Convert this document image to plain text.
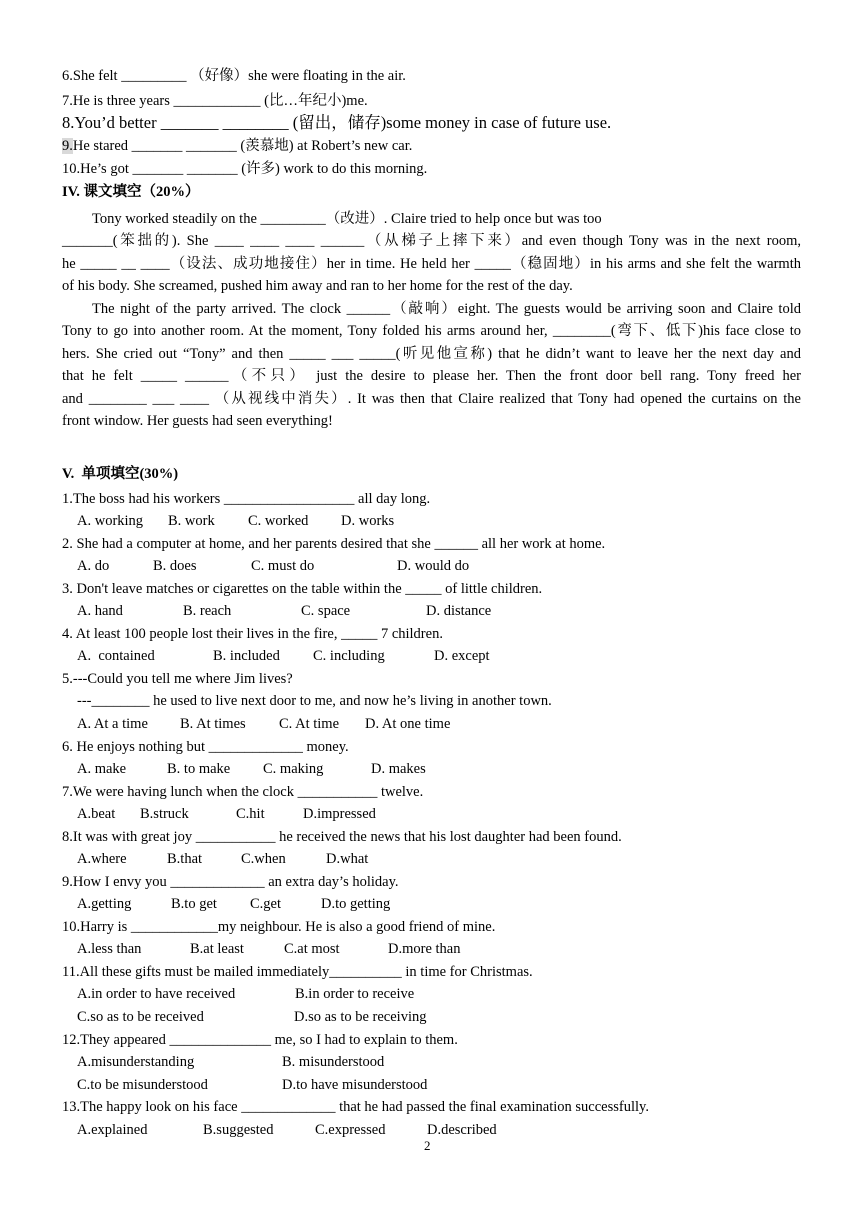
6.She felt _________ （好像）she were floating in the air.
7.He is three years ____________ (比…年纪小)me.
8.You’d better _______ ________ (留出，储存)some money in case of future use.
9.He stared _______ _______ (羡慕地) at Robert’s new car.
10.He’s got _______ _______ (许多) work to do this morning.
IV. 课文填空（20%）
Tony worked steadily on the _________（改进）. Claire tried to help once but was too
_______(笨拙的). She ____ ____ ____ ______（从梯子上摔下来）and even though Tony was in the next room,
he _____ __ ____（设法、成功地接住）her in time. He held her _____（稳固地）in his arms and she felt the warmth
of his body. She screamed, pushed him away and ran to her home for the rest of the day.
The night of the party arrived. The clock ______（敲响）eight. The guests would be arriving soon and Claire told
Tony to go into another room. At the moment, Tony folded his arms around her, ________(弯下、低下)his face close to
hers. She cried out “Tony” and then _____ ___ _____(听见他宣称) that he didn’t want to leave her the next day and
that he felt _____ ______（不只） just the desire to please her. Then the front door bell rang. Tony freed her
and ________ ___ ____ （从视线中消失）. It was then that Claire realized that Tony had opened the curtains on the
front window. Her guests had seen everything!
V.  单项填空(30%)
1.The boss had his workers __________________ all day long.
A. working B. work C. worked D. works
2. She had a computer at home, and her parents desired that she ______ all her work at home.
A. do	B. does	C. must do	D. would do
3. Don't leave matches or cigarettes on the table within the _____ of little children.
A. hand	B. reach	C. space	D. distance
4. At least 100 people lost their lives in the fire, _____ 7 children.
A.  contained	B. included C. including	D. except
5.---Could you tell me where Jim lives?
---________ he used to live next door to me, and now he’s living in another town.
A. At a time B. At times C. At time D. At one time
6. He enjoys nothing but _____________ money.
A. make	B. to make C. making	D. makes
7.We were having lunch when the clock ___________ twelve.
A.beat B.struck	C.hit	D.impressed
8.It was with great joy ___________ he received the news that his lost daughter had been found.
A.where	B.that	C.when	D.what
9.How I envy you _____________ an extra day’s holiday.
A.getting	B.to get C.get	D.to getting
10.Harry is ____________my neighbour. He is also a good friend of mine.
A.less than	B.at least	C.at most	D.more than
11.All these gifts must be mailed immediately__________ in time for Christmas.
A.in order to have received	B.in order to receive
C.so as to be received	D.so as to be receiving
12.They appeared ______________ me, so I had to explain to them.
A.misunderstanding	B. misunderstood
C.to be misunderstood	D.to have misunderstood
13.The happy look on his face _____________ that he had passed the final examination successfully.
A.explained	B.suggested	C.expressed	D.described
2
